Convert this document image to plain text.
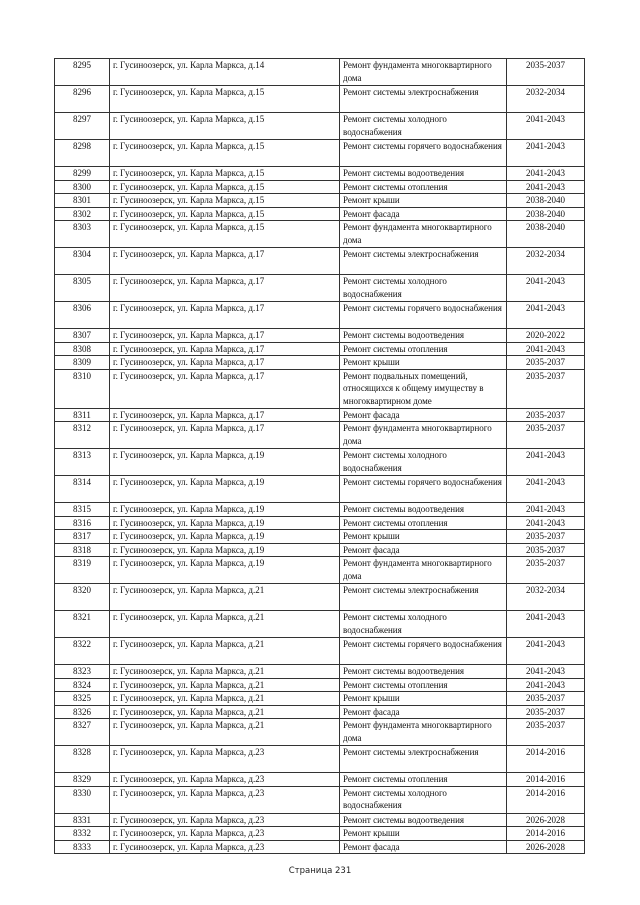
8295	г. Гусиноозерск, ул. Карла Маркса, д.14	Ремонт фундамента многоквартирного дома	2035-2037
8296	г. Гусиноозерск, ул. Карла Маркса, д.15	Ремонт системы электроснабжения	2032-2034
8297	г. Гусиноозерск, ул. Карла Маркса, д.15	Ремонт системы холодного водоснабжения	2041-2043
8298	г. Гусиноозерск, ул. Карла Маркса, д.15	Ремонт системы горячего водоснабжения	2041-2043
8299	г. Гусиноозерск, ул. Карла Маркса, д.15	Ремонт системы водоотведения	2041-2043
8300	г. Гусиноозерск, ул. Карла Маркса, д.15	Ремонт системы отопления	2041-2043
8301	г. Гусиноозерск, ул. Карла Маркса, д.15	Ремонт крыши	2038-2040
8302	г. Гусиноозерск, ул. Карла Маркса, д.15	Ремонт фасада	2038-2040
8303	г. Гусиноозерск, ул. Карла Маркса, д.15	Ремонт фундамента многоквартирного дома	2038-2040
8304	г. Гусиноозерск, ул. Карла Маркса, д.17	Ремонт системы электроснабжения	2032-2034
8305	г. Гусиноозерск, ул. Карла Маркса, д.17	Ремонт системы холодного водоснабжения	2041-2043
8306	г. Гусиноозерск, ул. Карла Маркса, д.17	Ремонт системы горячего водоснабжения	2041-2043
8307	г. Гусиноозерск, ул. Карла Маркса, д.17	Ремонт системы водоотведения	2020-2022
8308	г. Гусиноозерск, ул. Карла Маркса, д.17	Ремонт системы отопления	2041-2043
8309	г. Гусиноозерск, ул. Карла Маркса, д.17	Ремонт крыши	2035-2037
8310	г. Гусиноозерск, ул. Карла Маркса, д.17	Ремонт подвальных помещений, относящихся к общему имуществу в многоквартирном доме	2035-2037
8311	г. Гусиноозерск, ул. Карла Маркса, д.17	Ремонт фасада	2035-2037
8312	г. Гусиноозерск, ул. Карла Маркса, д.17	Ремонт фундамента многоквартирного дома	2035-2037
8313	г. Гусиноозерск, ул. Карла Маркса, д.19	Ремонт системы холодного водоснабжения	2041-2043
8314	г. Гусиноозерск, ул. Карла Маркса, д.19	Ремонт системы горячего водоснабжения	2041-2043
8315	г. Гусиноозерск, ул. Карла Маркса, д.19	Ремонт системы водоотведения	2041-2043
8316	г. Гусиноозерск, ул. Карла Маркса, д.19	Ремонт системы отопления	2041-2043
8317	г. Гусиноозерск, ул. Карла Маркса, д.19	Ремонт крыши	2035-2037
8318	г. Гусиноозерск, ул. Карла Маркса, д.19	Ремонт фасада	2035-2037
8319	г. Гусиноозерск, ул. Карла Маркса, д.19	Ремонт фундамента многоквартирного дома	2035-2037
8320	г. Гусиноозерск, ул. Карла Маркса, д.21	Ремонт системы электроснабжения	2032-2034
8321	г. Гусиноозерск, ул. Карла Маркса, д.21	Ремонт системы холодного водоснабжения	2041-2043
8322	г. Гусиноозерск, ул. Карла Маркса, д.21	Ремонт системы горячего водоснабжения	2041-2043
8323	г. Гусиноозерск, ул. Карла Маркса, д.21	Ремонт системы водоотведения	2041-2043
8324	г. Гусиноозерск, ул. Карла Маркса, д.21	Ремонт системы отопления	2041-2043
8325	г. Гусиноозерск, ул. Карла Маркса, д.21	Ремонт крыши	2035-2037
8326	г. Гусиноозерск, ул. Карла Маркса, д.21	Ремонт фасада	2035-2037
8327	г. Гусиноозерск, ул. Карла Маркса, д.21	Ремонт фундамента многоквартирного дома	2035-2037
8328	г. Гусиноозерск, ул. Карла Маркса, д.23	Ремонт системы электроснабжения	2014-2016
8329	г. Гусиноозерск, ул. Карла Маркса, д.23	Ремонт системы отопления	2014-2016
8330	г. Гусиноозерск, ул. Карла Маркса, д.23	Ремонт системы холодного водоснабжения	2014-2016
8331	г. Гусиноозерск, ул. Карла Маркса, д.23	Ремонт системы водоотведения	2026-2028
8332	г. Гусиноозерск, ул. Карла Маркса, д.23	Ремонт крыши	2014-2016
8333	г. Гусиноозерск, ул. Карла Маркса, д.23	Ремонт фасада	2026-2028
Страница 231
